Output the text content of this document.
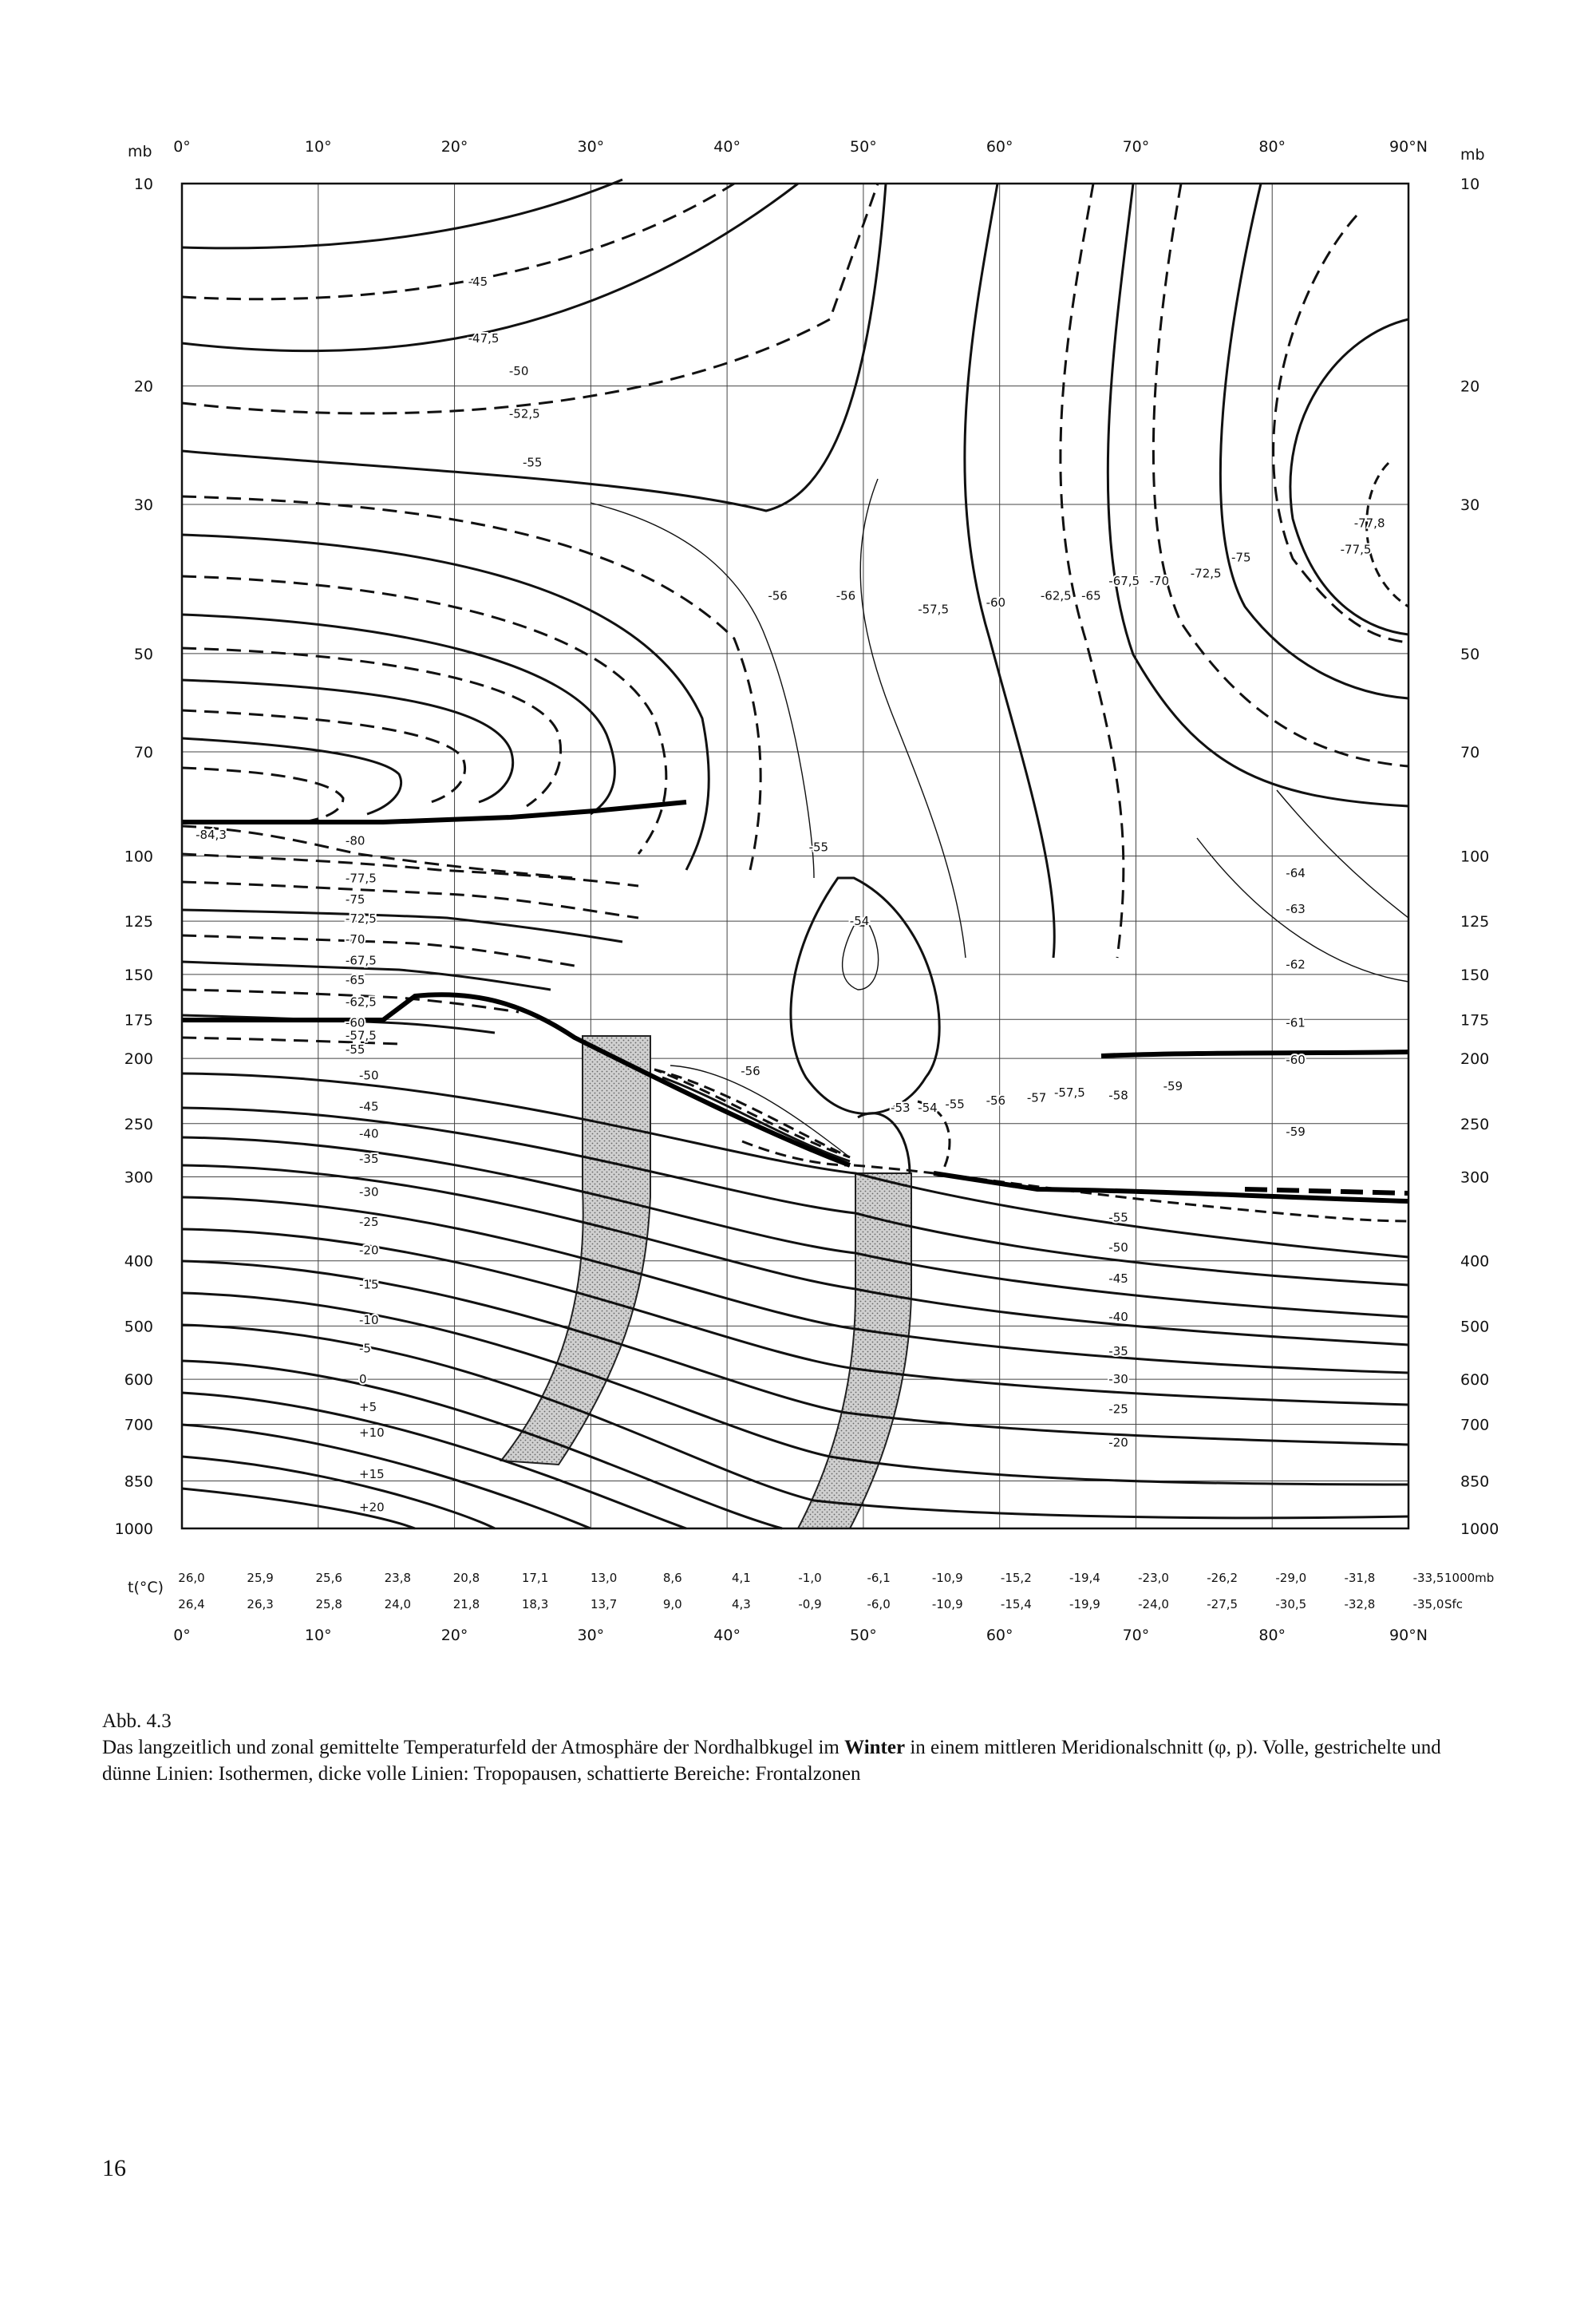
mb	mb
0°	10°	20°	30°	40°	50°	60°	70°	80°	90°N
0°	10°	20°	30°	40°	50°	60°	70°	80°	90°N
10
20
30
50
70
100
125
150
175
200
250
300
400
500
600
700
850
1000
10
20
30
50
70
100
125
150
175
200
250
300
400
500
600
700
850
1000
-45
-47,5
-50
-52,5
-55
-56	-56
-57,5	-60	-62,5 -65
-67,5 -70
-72,5
-75
-77,5
-77,8
-84,3	-80
-77,5
-75
-72,5
-70
-67,5
-65
-62,5
-60
-57,5
-55
-55
-54
-56
-53 -54 -55 -56 -57 -57,5 -58
-59
-59
-64
-63
-62
-61
-60
-50
-45
-40
-35
-30
-25
-20
-15
-10
-5
0
+5
+10
+15
+20
-55
-50
-45
-40
-35
-30
-25
-20
t(°C)
26,0	25,9	25,6	23,8	20,8	17,1	13,0	8,6	4,1	-1,0	-6,1	-10,9	-15,2	-19,4	-23,0	-26,2	-29,0	-31,8	-33,5
26,4	26,3	25,8	24,0	21,8	18,3	13,7	9,0	4,3	-0,9	-6,0	-10,9	-15,4	-19,9	-24,0	-27,5	-30,5	-32,8	-35,0
1000mb
Sfc
Abb. 4.3
Das langzeitlich und zonal gemittelte Temperaturfeld der Atmosphäre der Nordhalbkugel im Winter in einem mittleren Meridionalschnitt (φ, p). Volle, gestrichelte und dünne Linien: Isothermen, dicke volle Linien: Tropopausen, schattierte Bereiche: Frontalzonen
16
